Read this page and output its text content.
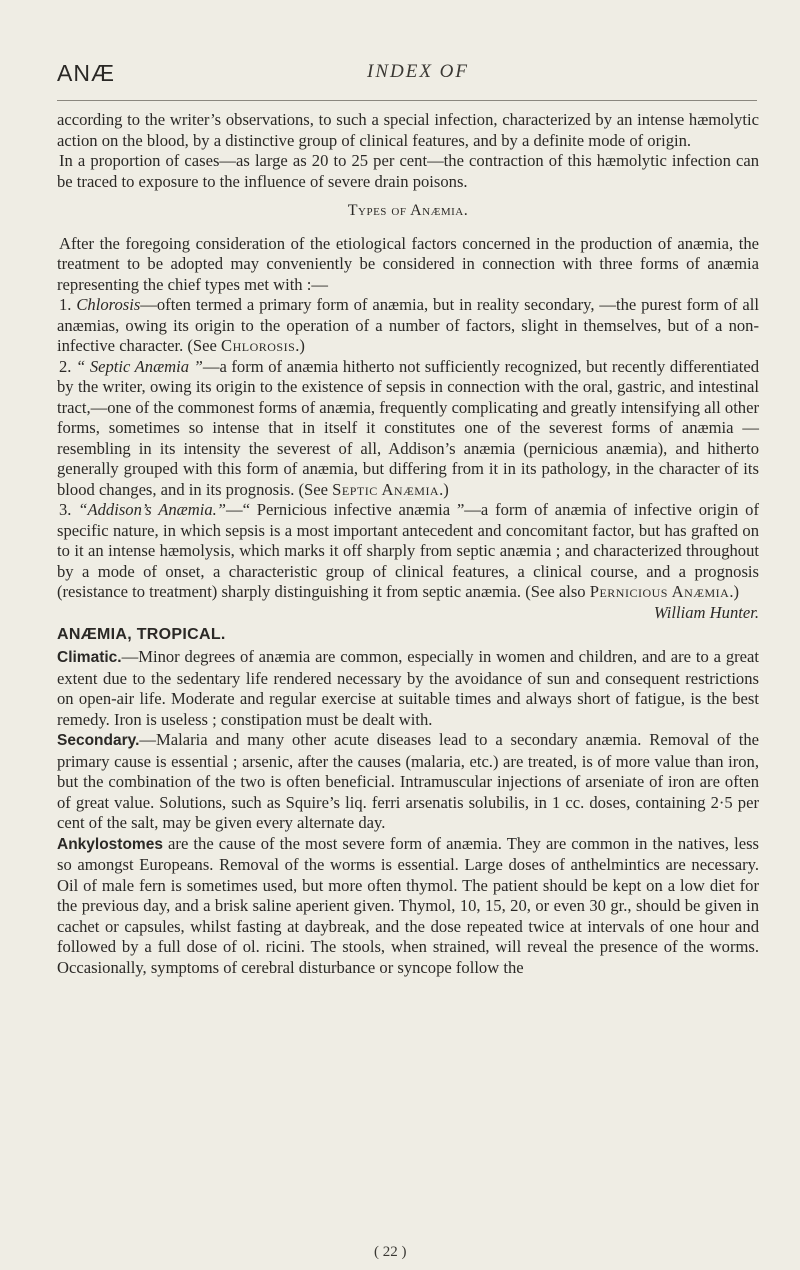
ANÆ	INDEX OF

according to the writer’s observations, to such a special infection, characterized by an intense hæmolytic action on the blood, by a distinctive group of clinical features, and by a definite mode of origin.

In a proportion of cases—as large as 20 to 25 per cent—the contraction of this hæmolytic infection can be traced to exposure to the influence of severe drain poisons.

Types of Anæmia.

After the foregoing consideration of the etiological factors concerned in the production of anæmia, the treatment to be adopted may conveniently be considered in connection with three forms of anæmia representing the chief types met with :—

1. Chlorosis—often termed a primary form of anæmia, but in reality secondary, —the purest form of all anæmias, owing its origin to the operation of a number of factors, slight in themselves, but of a non-infective character. (See Chlorosis.)

2. “ Septic Anæmia ”—a form of anæmia hitherto not sufficiently recognized, but recently differentiated by the writer, owing its origin to the existence of sepsis in connection with the oral, gastric, and intestinal tract,—one of the commonest forms of anæmia, frequently complicating and greatly intensifying all other forms, sometimes so intense that in itself it constitutes one of the severest forms of anæmia — resembling in its intensity the severest of all, Addison’s anæmia (pernicious anæmia), and hitherto generally grouped with this form of anæmia, but differing from it in its pathology, in the character of its blood changes, and in its prognosis. (See Septic Anæmia.)

3. “Addison’s Anæmia.”—“ Pernicious infective anæmia ”—a form of anæmia of infective origin of specific nature, in which sepsis is a most important antecedent and concomitant factor, but has grafted on to it an intense hæmolysis, which marks it off sharply from septic anæmia ; and characterized throughout by a mode of onset, a characteristic group of clinical features, a clinical course, and a prognosis (resistance to treatment) sharply distinguishing it from septic anæmia. (See also Pernicious Anæmia.)
William Hunter.

ANÆMIA, TROPICAL.

Climatic.—Minor degrees of anæmia are common, especially in women and children, and are to a great extent due to the sedentary life rendered necessary by the avoidance of sun and consequent restrictions on open-air life. Moderate and regular exercise at suitable times and always short of fatigue, is the best remedy. Iron is useless ; constipation must be dealt with.

Secondary.—Malaria and many other acute diseases lead to a secondary anæmia. Removal of the primary cause is essential ; arsenic, after the causes (malaria, etc.) are treated, is of more value than iron, but the combination of the two is often beneficial. Intramuscular injections of arseniate of iron are often of great value. Solutions, such as Squire’s liq. ferri arsenatis solubilis, in 1 cc. doses, containing 2·5 per cent of the salt, may be given every alternate day.

Ankylostomes are the cause of the most severe form of anæmia. They are common in the natives, less so amongst Europeans. Removal of the worms is essential. Large doses of anthelmintics are necessary. Oil of male fern is sometimes used, but more often thymol. The patient should be kept on a low diet for the previous day, and a brisk saline aperient given. Thymol, 10, 15, 20, or even 30 gr., should be given in cachet or capsules, whilst fasting at daybreak, and the dose repeated twice at intervals of one hour and followed by a full dose of ol. ricini. The stools, when strained, will reveal the presence of the worms. Occasionally, symptoms of cerebral disturbance or syncope follow the

( 22 )
